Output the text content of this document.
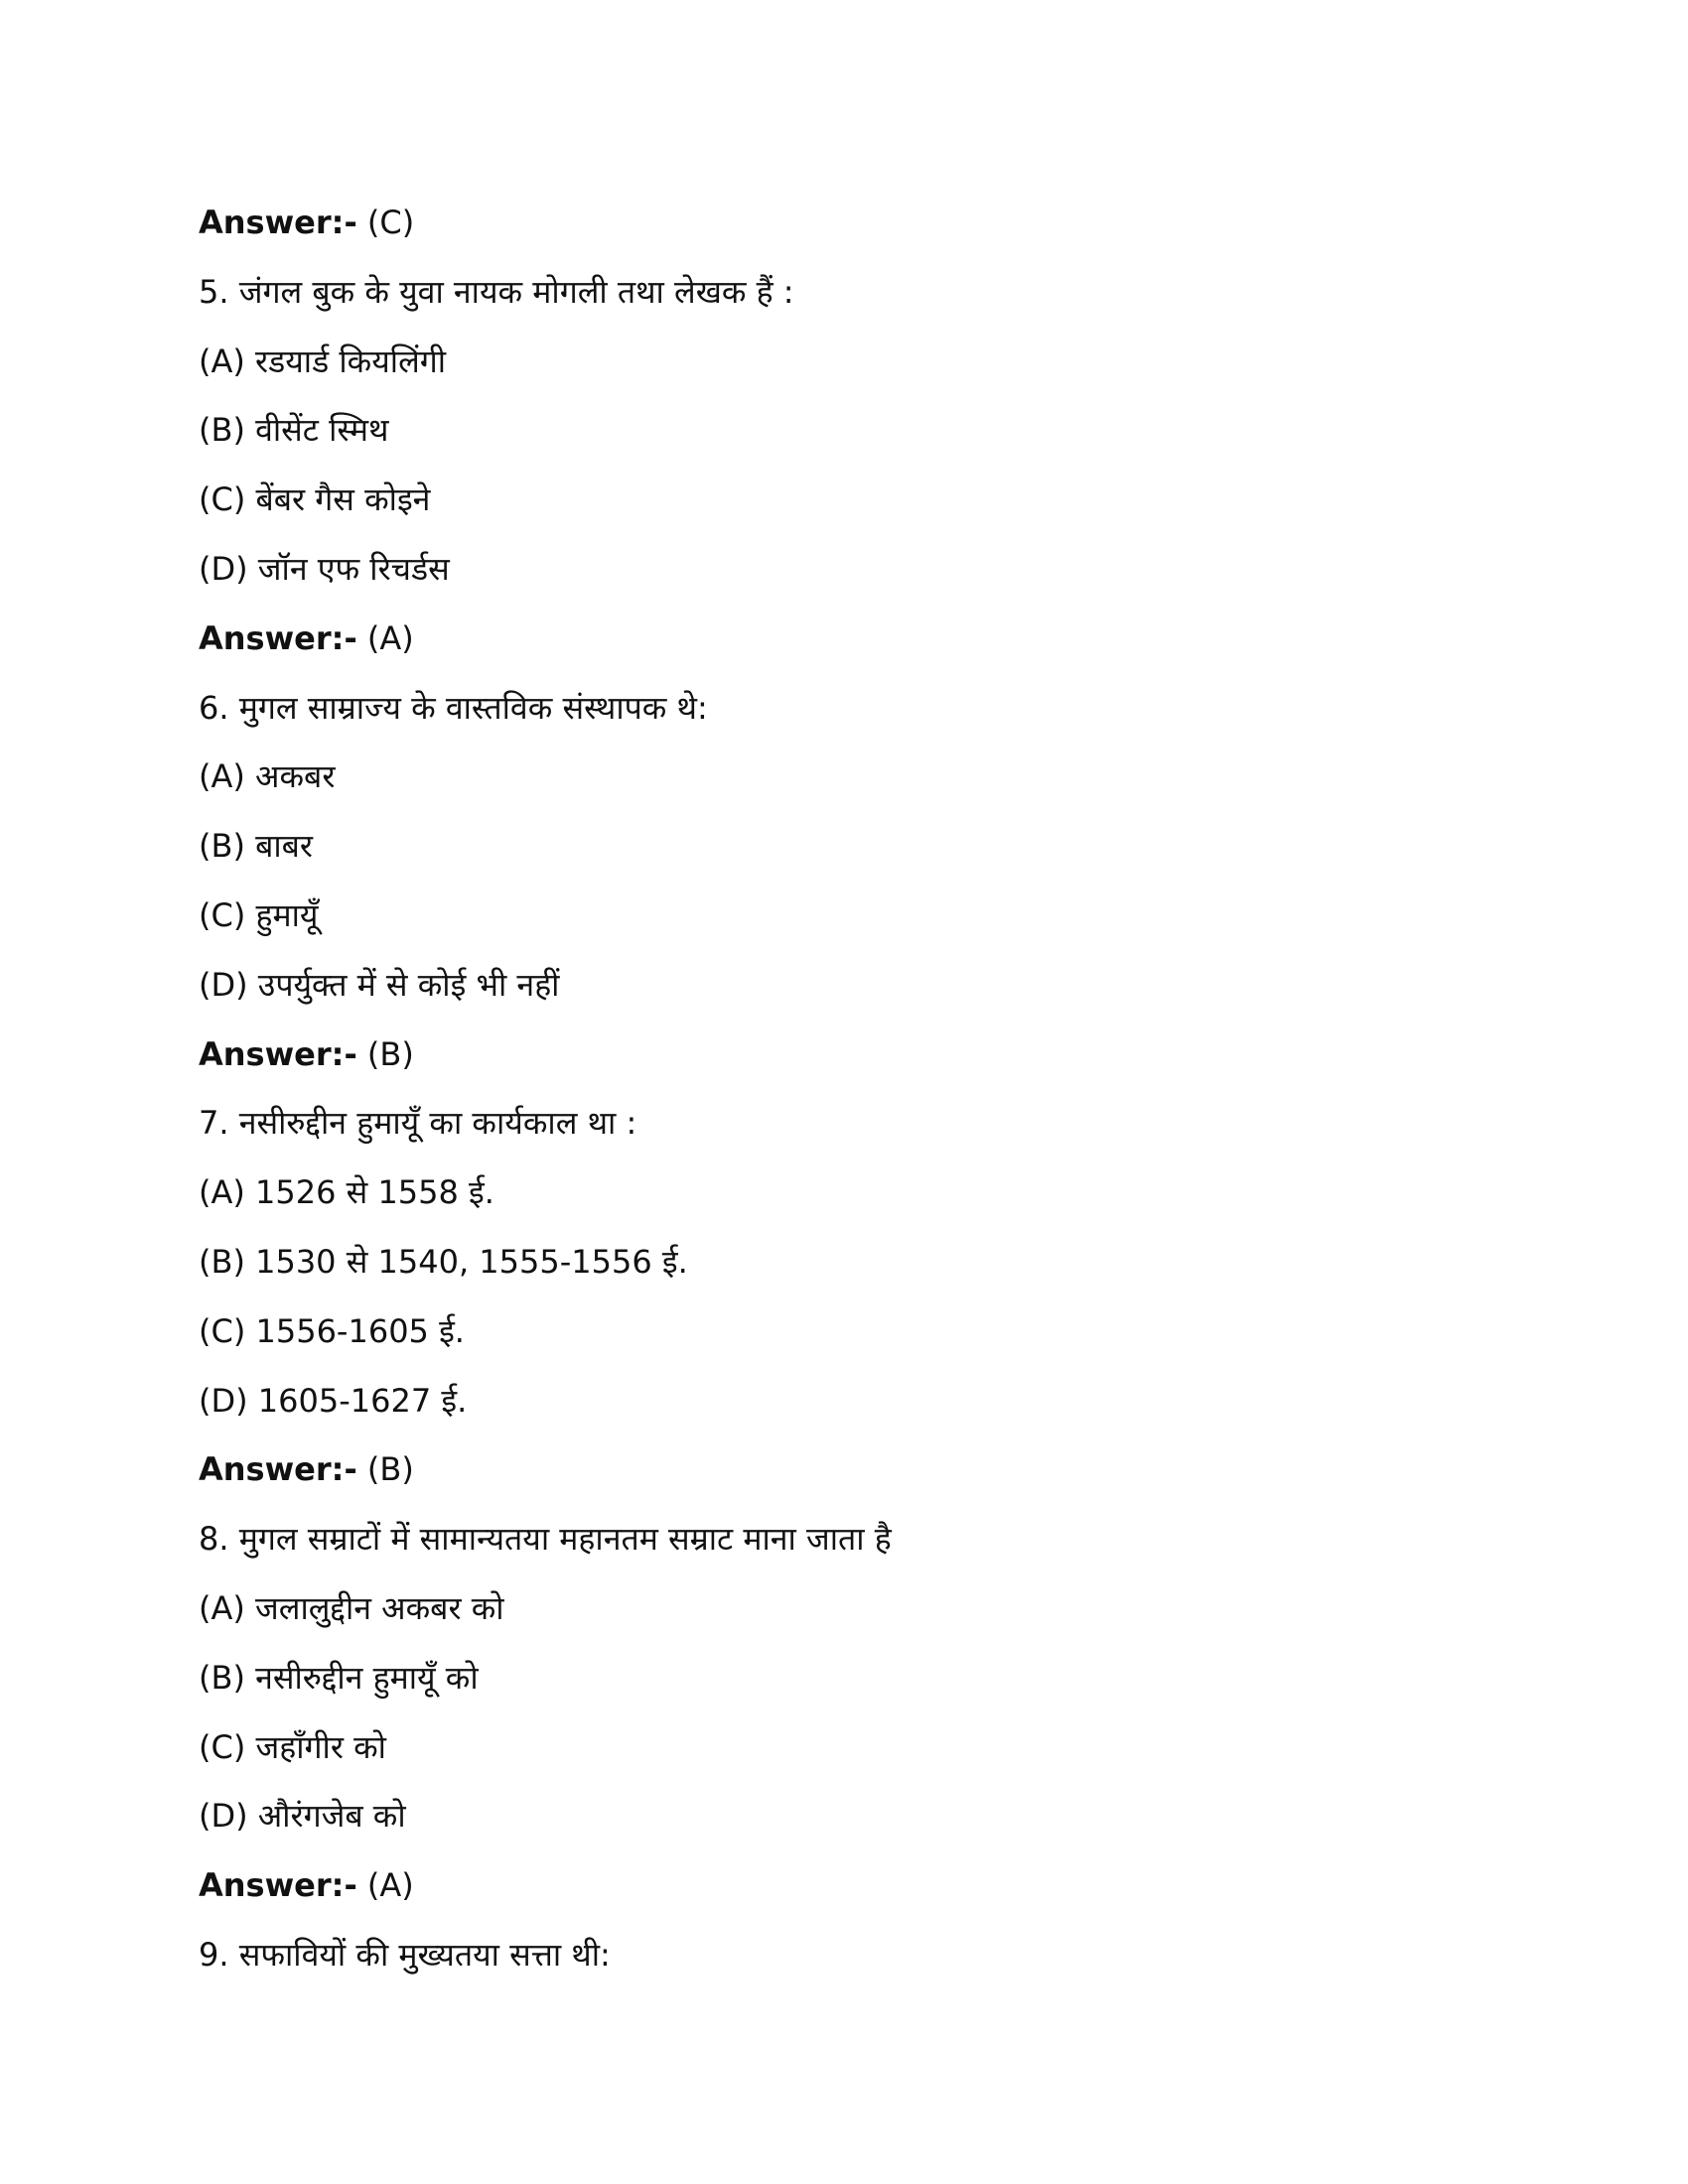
Answer:- (C)
5. जंगल बुक के युवा नायक मोगली तथा लेखक हैं :
(A) रडयार्ड कियलिंगी
(B) वीसेंट स्मिथ
(C) बेंबर गैस कोइने
(D) जॉन एफ रिचर्डस
Answer:- (A)
6. मुगल साम्राज्य के वास्तविक संस्थापक थे:
(A) अकबर
(B) बाबर
(C) हुमायूँ
(D) उपर्युक्त में से कोई भी नहीं
Answer:- (B)
7. नसीरुद्दीन हुमायूँ का कार्यकाल था :
(A) 1526 से 1558 ई.
(B) 1530 से 1540, 1555-1556 ई.
(C) 1556-1605 ई.
(D) 1605-1627 ई.
Answer:- (B)
8. मुगल सम्राटों में सामान्यतया महानतम सम्राट माना जाता है
(A) जलालुद्दीन अकबर को
(B) नसीरुद्दीन हुमायूँ को
(C) जहाँगीर को
(D) औरंगजेब को
Answer:- (A)
9. सफावियों की मुख्यतया सत्ता थी:
